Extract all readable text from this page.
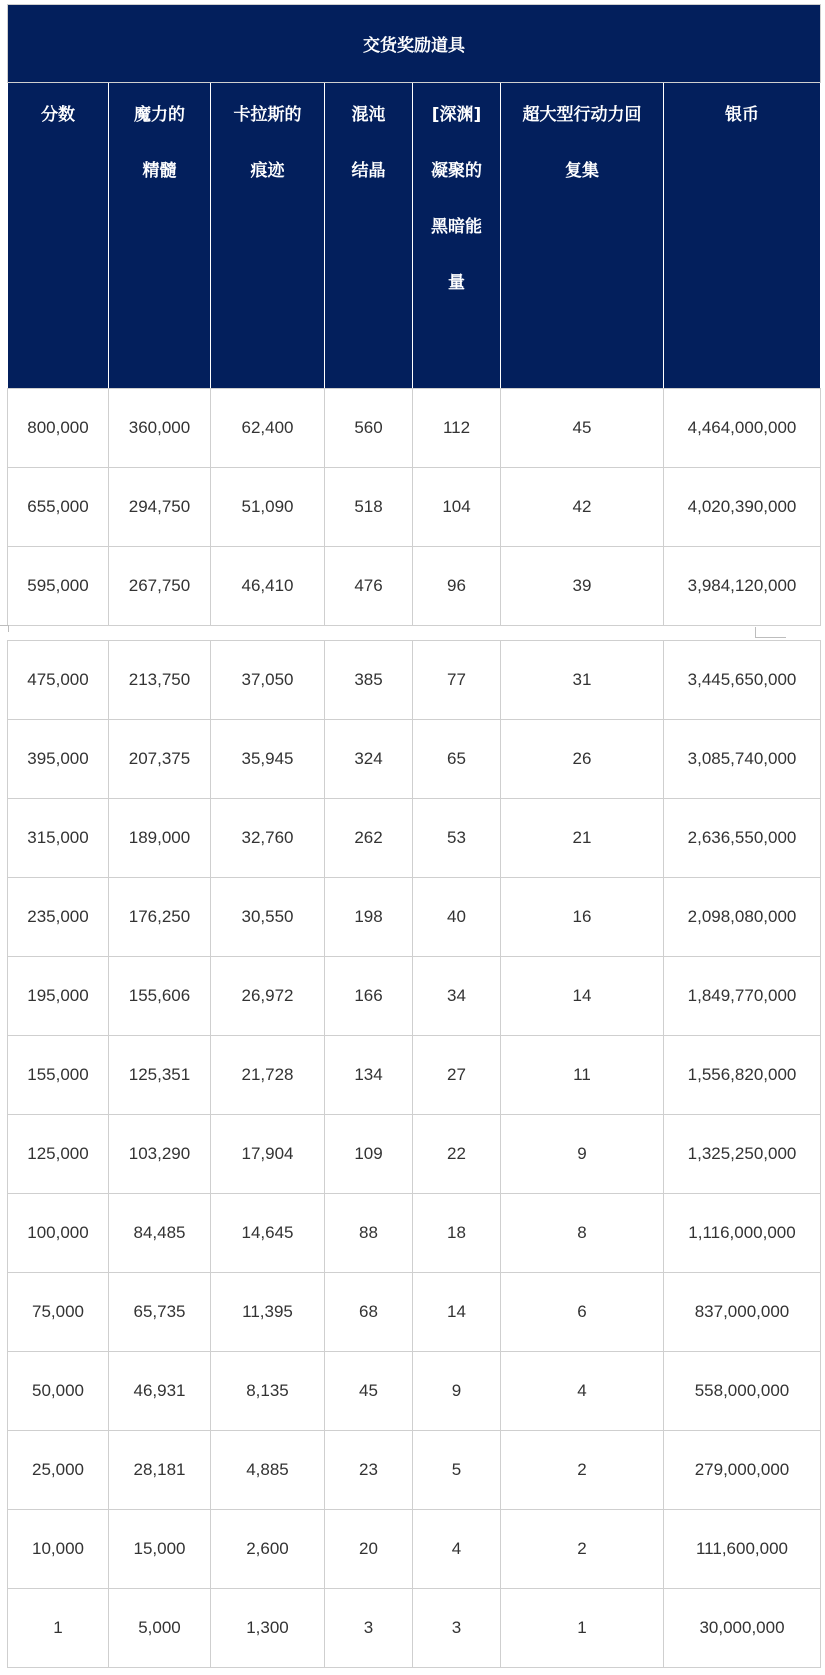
交货奖励道具						
分数	魔力的精髓	卡拉斯的痕迹	混沌结晶	[深渊]凝聚的黑暗能量	超大型行动力回复集	银币
800,000	360,000	62,400	560	112	45	4,464,000,000
655,000	294,750	51,090	518	104	42	4,020,390,000
595,000	267,750	46,410	476	96	39	3,984,120,000
475,000	213,750	37,050	385	77	31	3,445,650,000
395,000	207,375	35,945	324	65	26	3,085,740,000
315,000	189,000	32,760	262	53	21	2,636,550,000
235,000	176,250	30,550	198	40	16	2,098,080,000
195,000	155,606	26,972	166	34	14	1,849,770,000
155,000	125,351	21,728	134	27	11	1,556,820,000
125,000	103,290	17,904	109	22	9	1,325,250,000
100,000	84,485	14,645	88	18	8	1,116,000,000
75,000	65,735	11,395	68	14	6	837,000,000
50,000	46,931	8,135	45	9	4	558,000,000
25,000	28,181	4,885	23	5	2	279,000,000
10,000	15,000	2,600	20	4	2	111,600,000
1	5,000	1,300	3	3	1	30,000,000
